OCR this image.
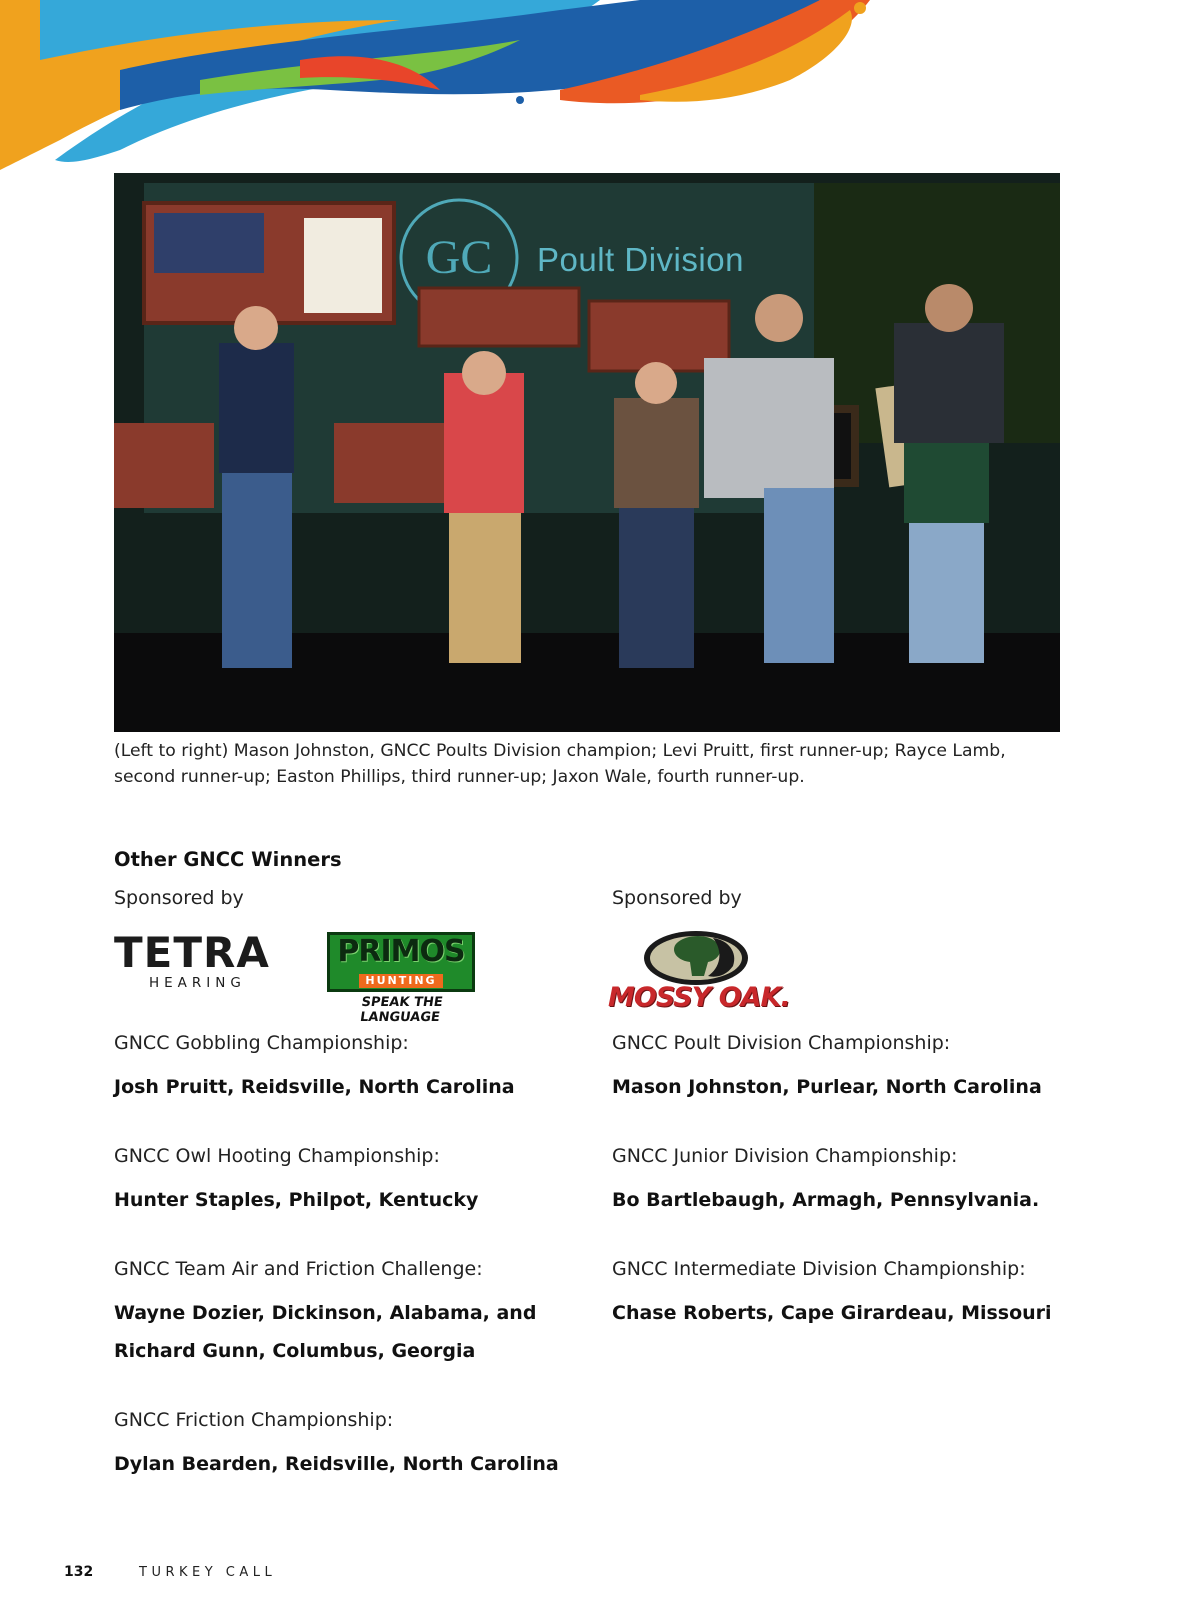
GC Poult Division
(Left to right) Mason Johnston, GNCC Poults Division champion; Levi Pruitt, first runner-up; Rayce Lamb, second runner-up; Easton Phillips, third runner-up; Jaxon Wale, fourth runner-up.
Other GNCC Winners
Sponsored by	Sponsored by
TETRA
HEARING
PRIMOS
HUNTING
SPEAK THE LANGUAGE
MOSSY OAK.
GNCC Gobbling Championship:
Josh Pruitt, Reidsville, North Carolina
GNCC Owl Hooting Championship:
Hunter Staples, Philpot, Kentucky
GNCC Team Air and Friction Challenge:
Wayne Dozier, Dickinson, Alabama, and Richard Gunn, Columbus, Georgia
GNCC Friction Championship:
Dylan Bearden, Reidsville, North Carolina
GNCC Poult Division Championship:
Mason Johnston, Purlear, North Carolina
GNCC Junior Division Championship:
Bo Bartlebaugh, Armagh, Pennsylvania.
GNCC Intermediate Division Championship:
Chase Roberts, Cape Girardeau, Missouri
132	TURKEY CALL
